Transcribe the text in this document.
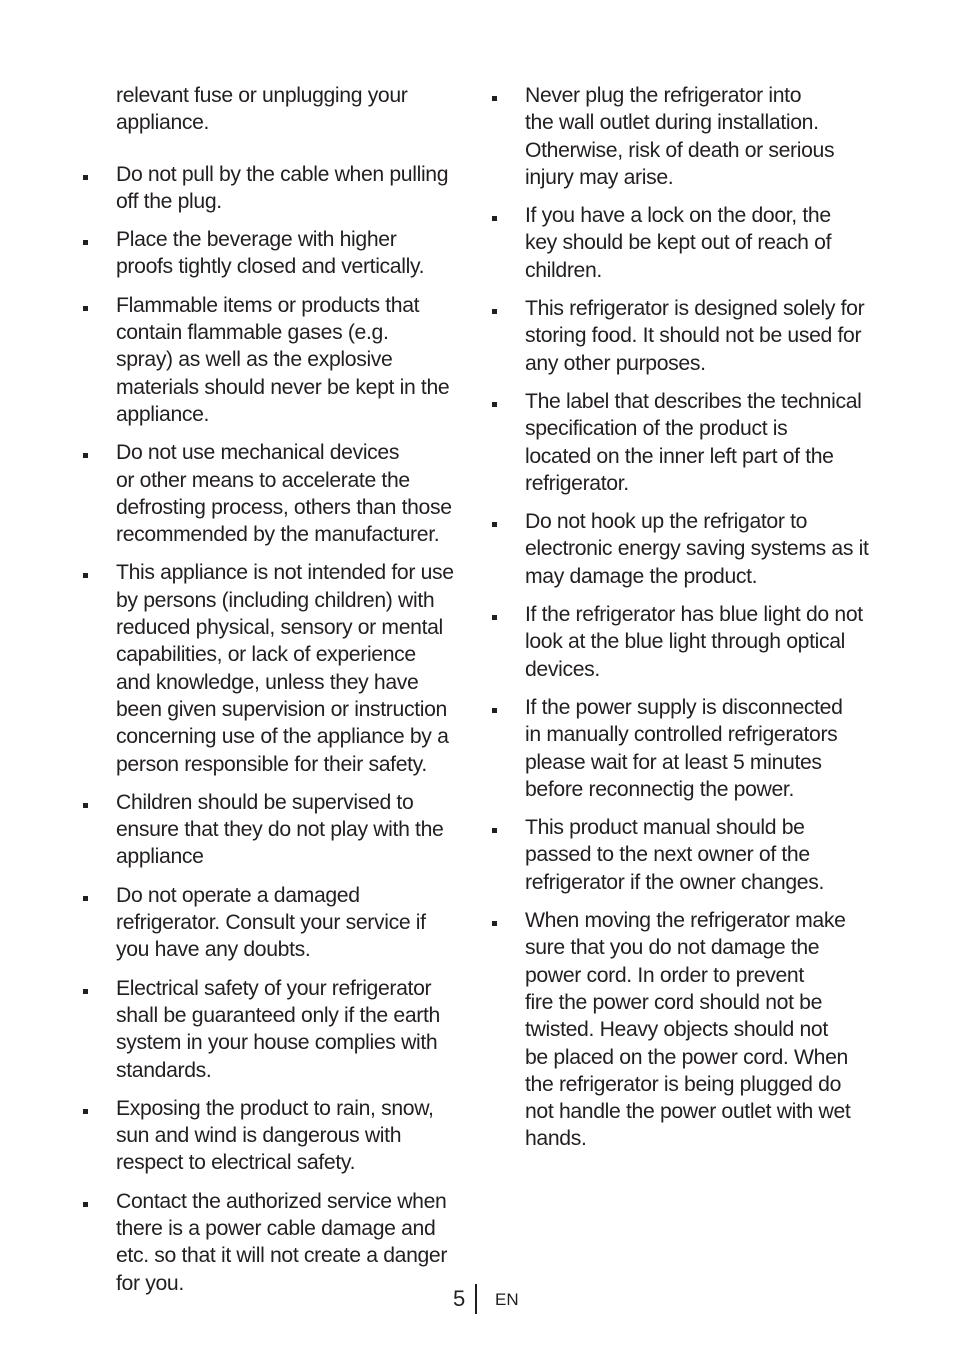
relevant fuse or unplugging your
appliance.
Do not pull by the cable when pulling
off the plug.
Place the beverage with higher
proofs tightly closed and vertically.
Flammable items or products that
contain flammable gases (e.g.
spray) as well as the explosive
materials should never be kept in the
appliance.
Do not use mechanical devices
or other means to accelerate the
defrosting process, others than those
recommended by the manufacturer.
This appliance is not intended for use
by persons (including children) with
reduced physical, sensory or mental
capabilities, or lack of experience
and knowledge, unless they have
been given supervision or instruction
concerning use of the appliance by a
person responsible for their safety.
Children should be supervised to
ensure that they do not play with the
appliance
Do not operate a damaged
refrigerator. Consult your service if
you have any doubts.
Electrical safety of your refrigerator
shall be guaranteed only if the earth
system in your house complies with
standards.
Exposing the product to rain, snow,
sun and wind is dangerous with
respect to electrical safety.
Contact the authorized service when
there is a power cable damage and
etc. so that it will not create a danger
for you.
Never plug the refrigerator into
the wall outlet during installation.
Otherwise, risk of death or serious
injury may arise.
If you have a lock on the door, the
key should be kept out of reach of
children.
This refrigerator is designed solely for
storing food. It should not be used for
any other purposes.
The label that describes the technical
specification of the product is
located on the inner left part of the
refrigerator.
Do not hook up the refrigator to
electronic energy saving systems as it
may damage the product.
If the refrigerator has blue light do not
look at the blue light through optical
devices.
If the power supply is disconnected
in manually controlled refrigerators
please wait for at least 5 minutes
before reconnectig the power.
This product manual should be
passed to the next owner of the
refrigerator if the owner changes.
When moving the refrigerator make
sure that you do not damage the
power cord. In order to prevent
fire the power cord should not be
twisted. Heavy objects should not
be placed on the power cord. When
the refrigerator is being plugged do
not handle the power outlet with wet
hands.
5 EN
